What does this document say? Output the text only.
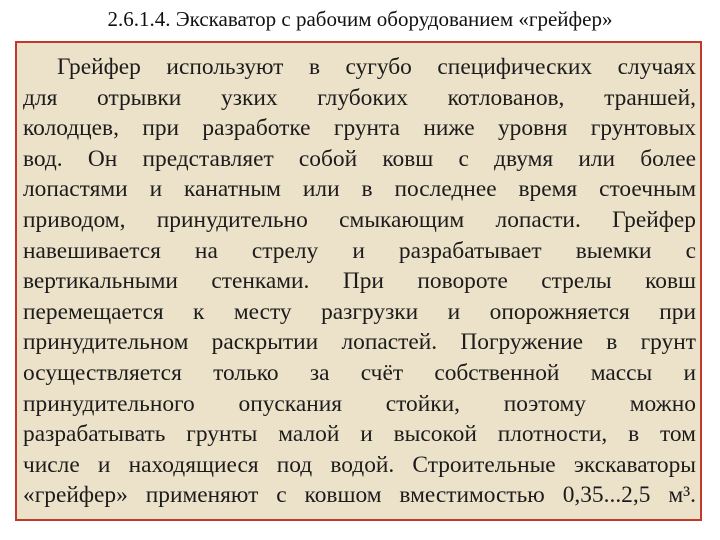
2.6.1.4. Экскаватор с рабочим оборудованием «грейфер»
Грейфер используют в сугубо специфических случаях
для отрывки узких глубоких котлованов, траншей,
колодцев, при разработке грунта ниже уровня грунтовых
вод. Он представляет собой ковш с двумя или более
лопастями и канатным или в последнее время стоечным
приводом, принудительно смыкающим лопасти. Грейфер
навешивается на стрелу и разрабатывает выемки с
вертикальными стенками. При повороте стрелы ковш
перемещается к месту разгрузки и опорожняется при
принудительном раскрытии лопастей. Погружение в грунт
осуществляется только за счёт собственной массы и
принудительного опускания стойки, поэтому можно
разрабатывать грунты малой и высокой плотности, в том
числе и находящиеся под водой. Строительные экскаваторы
«грейфер» применяют с ковшом вместимостью 0,35...2,5 м³.
